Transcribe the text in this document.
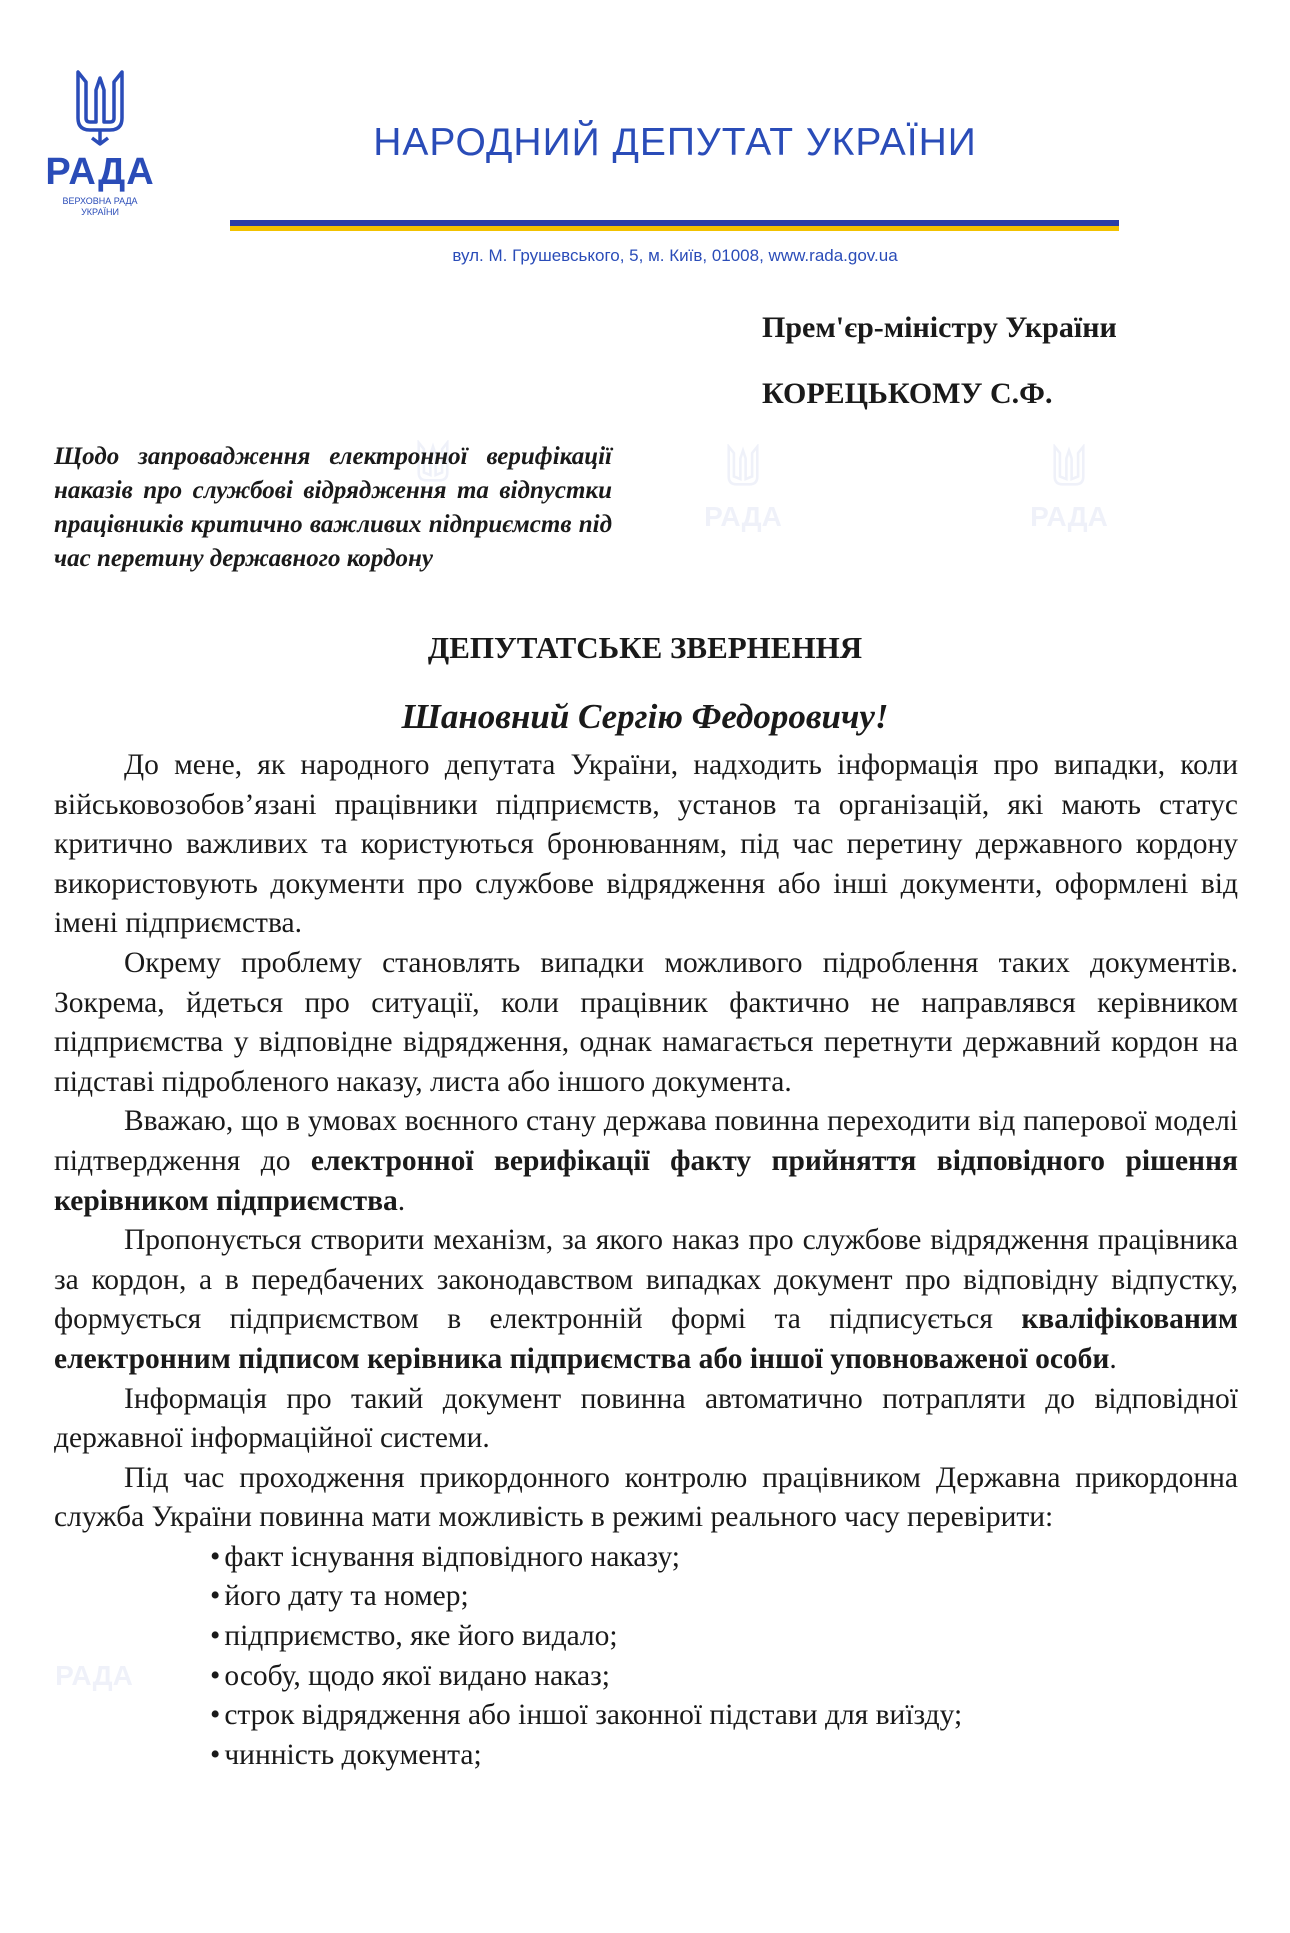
РАДА
ВЕРХОВНА РАДА
УКРАЇНИ
НАРОДНИЙ ДЕПУТАТ УКРАЇНИ
вул. М. Грушевського, 5, м. Київ, 01008, www.rada.gov.ua
РАДА	РАДА
РАДА
Прем'єр-міністру України
КОРЕЦЬКОМУ С.Ф.
Щодо запровадження електронної верифікації наказів про службові відрядження та відпустки працівників критично важливих підприємств під час перетину державного кордону
ДЕПУТАТСЬКЕ ЗВЕРНЕННЯ
Шановний Сергію Федоровичу!

До мене, як народного депутата України, надходить інформація про випадки, коли військовозобов’язані працівники підприємств, установ та організацій, які мають статус критично важливих та користуються бронюванням, під час перетину державного кордону використовують документи про службове відрядження або інші документи, оформлені від імені підприємства.

Окрему проблему становлять випадки можливого підроблення таких документів. Зокрема, йдеться про ситуації, коли працівник фактично не направлявся керівником підприємства у відповідне відрядження, однак намагається перетнути державний кордон на підставі підробленого наказу, листа або іншого документа.

Вважаю, що в умовах воєнного стану держава повинна переходити від паперової моделі підтвердження до електронної верифікації факту прийняття відповідного рішення керівником підприємства.

Пропонується створити механізм, за якого наказ про службове відрядження працівника за кордон, а в передбачених законодавством випадках документ про відповідну відпустку, формується підприємством в електронній формі та підписується кваліфікованим електронним підписом керівника підприємства або іншої уповноваженої особи.

Інформація про такий документ повинна автоматично потрапляти до відповідної державної інформаційної системи.

Під час проходження прикордонного контролю працівником Державна прикордонна служба України повинна мати можливість в режимі реального часу перевірити:

• факт існування відповідного наказу;
• його дату та номер;
• підприємство, яке його видало;
• особу, щодо якої видано наказ;
• строк відрядження або іншої законної підстави для виїзду;
• чинність документа;
